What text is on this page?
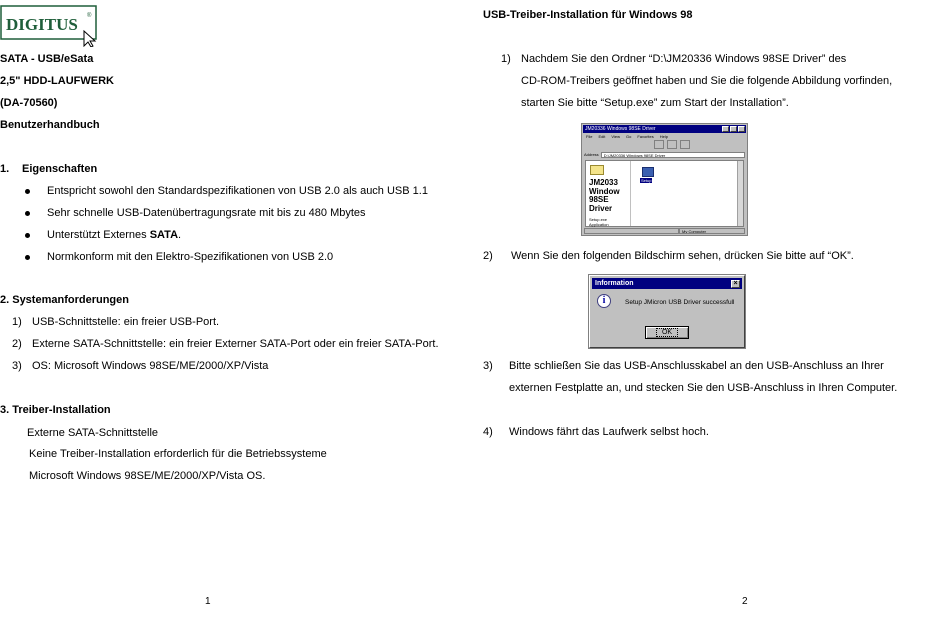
DIGITUS ®
SATA - USB/eSata
2,5" HDD-LAUFWERK
(DA-70560)
Benutzerhandbuch
1. Eigenschaften
Entspricht sowohl den Standardspezifikationen von USB 2.0 als auch USB 1.1
Sehr schnelle USB-Datenübertragungsrate mit bis zu 480 Mbytes
Unterstützt Externes SATA.
Normkonform mit den Elektro-Spezifikationen von USB 2.0
2. Systemanforderungen
1) USB-Schnittstelle: ein freier USB-Port.
2) Externe SATA-Schnittstelle: ein freier Externer SATA-Port oder ein freier SATA-Port.
3) OS: Microsoft Windows 98SE/ME/2000/XP/Vista
3. Treiber-Installation
Externe SATA-Schnittstelle
Keine Treiber-Installation erforderlich für die Betriebssysteme
Microsoft Windows 98SE/ME/2000/XP/Vista OS.
1
USB-Treiber-Installation für Windows 98
1) Nachdem Sie den Ordner “D:\JM20336 Windows 98SE Driver” des
CD-ROM-Treibers geöffnet haben und Sie die folgende Abbildung vorfinden,
starten Sie bitte “Setup.exe” zum Start der Installation”.
JM20336 Windows 98SE Driver
File Edit View Go Favorites Help
Address	D:\JM20336 Windows 98SE Driver
JM2033
Window
98SE
Driver
Setup.exe
Application
Setup
My Computer
2) Wenn Sie den folgenden Bildschirm sehen, drücken Sie bitte auf “OK”.
Information	×
i	Setup JMicron USB Driver successfull
OK
3) Bitte schließen Sie das USB-Anschlusskabel an den USB-Anschluss an Ihrer
externen Festplatte an, und stecken Sie den USB-Anschluss in Ihren Computer.
4) Windows fährt das Laufwerk selbst hoch.
2
